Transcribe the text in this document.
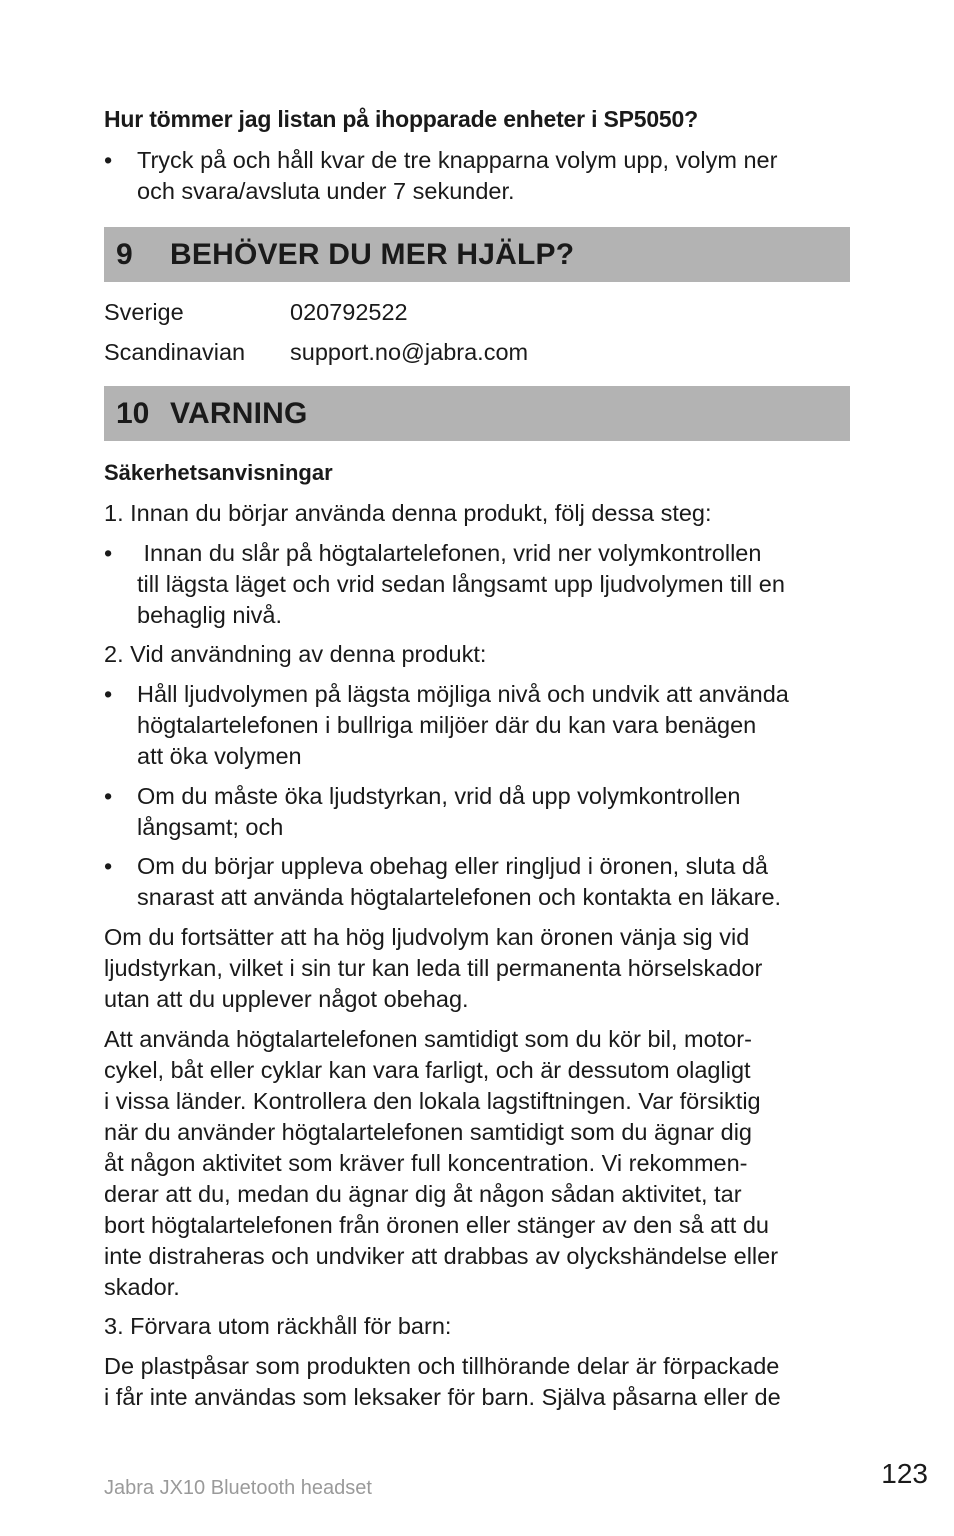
Hur tömmer jag listan på ihopparade enheter i SP5050?
•	Tryck på och håll kvar de tre knapparna volym upp, volym ner
och svara/avsluta under 7 sekunder.
9	BEHÖVER DU MER HJÄLP?
Sverige	020792522
Scandinavian support.no@jabra.com
10 VARNING
Säkerhetsanvisningar
1. Innan du börjar använda denna produkt, följ dessa steg:
•	Innan du slår på högtalartelefonen, vrid ner volymkontrollen
till lägsta läget och vrid sedan långsamt upp ljudvolymen till en
behaglig nivå.
2. Vid användning av denna produkt:
•	Håll ljudvolymen på lägsta möjliga nivå och undvik att använda
högtalartelefonen i bullriga miljöer där du kan vara benägen
att öka volymen
•	Om du måste öka ljudstyrkan, vrid då upp volymkontrollen
långsamt; och
•	Om du börjar uppleva obehag eller ringljud i öronen, sluta då
snarast att använda högtalartelefonen och kontakta en läkare.
Om du fortsätter att ha hög ljudvolym kan öronen vänja sig vid
ljudstyrkan, vilket i sin tur kan leda till permanenta hörselskador
utan att du upplever något obehag.
Att använda högtalartelefonen samtidigt som du kör bil, motor-
cykel, båt eller cyklar kan vara farligt, och är dessutom olagligt
i vissa länder. Kontrollera den lokala lagstiftningen. Var försiktig
när du använder högtalartelefonen samtidigt som du ägnar dig
åt någon aktivitet som kräver full koncentration. Vi rekommen-
derar att du, medan du ägnar dig åt någon sådan aktivitet, tar
bort högtalartelefonen från öronen eller stänger av den så att du
inte distraheras och undviker att drabbas av olyckshändelse eller
skador.
3. Förvara utom räckhåll för barn:
De plastpåsar som produkten och tillhörande delar är förpackade
i får inte användas som leksaker för barn. Själva påsarna eller de
Jabra JX10 Bluetooth headset	123
